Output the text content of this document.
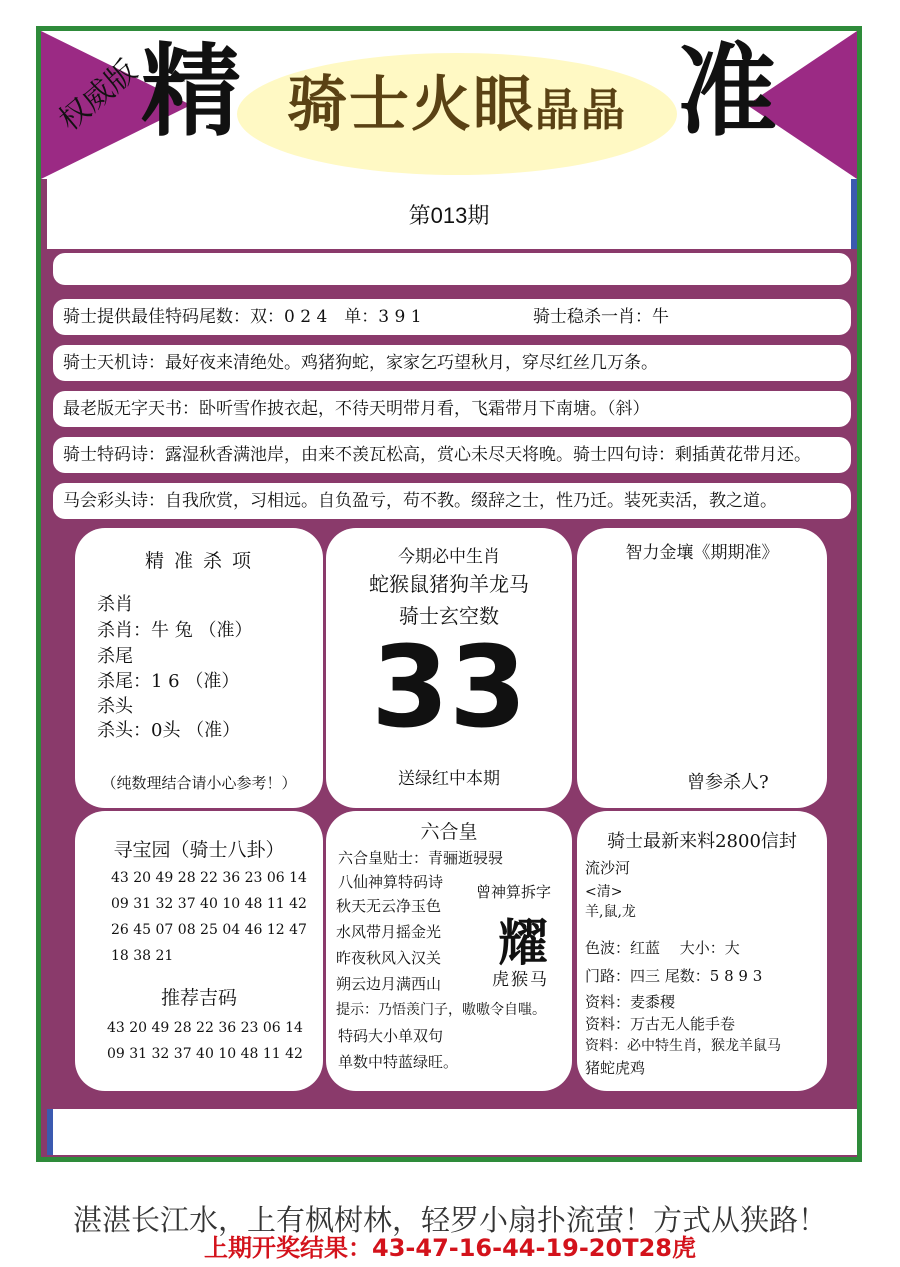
权威版
精 骑士火眼晶晶 准
第013期
骑士提供最佳特码尾数：双：0 2 4　单：3 9 1	骑士稳杀一肖：牛
骑士天机诗：最好夜来清绝处。鸡猪狗蛇，家家乞巧望秋月，穿尽红丝几万条。
最老版无字天书：卧听雪作披衣起，不待天明带月看，飞霜带月下南塘。（斜）
骑士特码诗：露湿秋香满池岸，由来不羡瓦松高，赏心未尽天将晚。骑士四句诗：剩插黄花带月还。
马会彩头诗：自我欣赏，习相远。自负盈亏，苟不教。缀辞之士，性乃迁。装死卖活，教之道。
精 准 杀 项
杀肖
杀肖：牛 兔 （准）
杀尾
杀尾：1 6 （准）
杀头
杀头：0头 （准）
（纯数理结合请小心参考！）
今期必中生肖
蛇猴鼠猪狗羊龙马
骑士玄空数
33
送绿红中本期
智力金壤《期期准》
曾参杀人?
寻宝园（骑士八卦）
43 20 49 28 22 36 23 06 14
09 31 32 37 40 10 48 11 42
26 45 07 08 25 04 46 12 47
18 38 21
推荐吉码
43 20 49 28 22 36 23 06 14
09 31 32 37 40 10 48 11 42
六合皇
六合皇贴士：青骊逝骎骎
八仙神算特码诗
秋天无云净玉色
水风带月摇金光
昨夜秋风入汉关
朔云边月满西山
提示：乃悟羡门子，嗷嗷令自嗤。
特码大小单双句
单数中特蓝绿旺。
曾神算拆字
耀
虎猴马
骑士最新来料2800信封
流沙河
<清>
羊,鼠,龙
色波：红蓝　 大小：大
门路：四三 尾数：5 8 9 3
资料：麦黍稷
资料：万古无人能手卷
资料：必中特生肖，猴龙羊鼠马
猪蛇虎鸡
湛湛长江水，上有枫树林，轻罗小扇扑流萤！方式从狭路！
上期开奖结果：43-47-16-44-19-20T28虎
